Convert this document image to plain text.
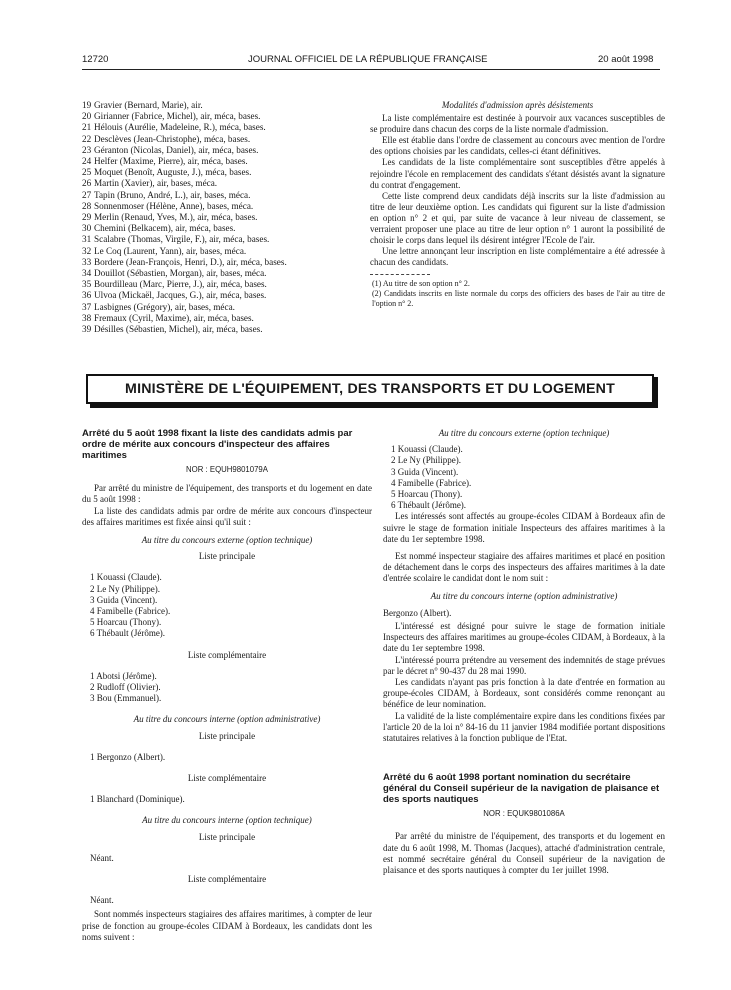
12720	JOURNAL OFFICIEL DE LA RÉPUBLIQUE FRANÇAISE	20 août 1998
19 Gravier (Bernard, Marie), air.
20 Girianner (Fabrice, Michel), air, méca, bases.
21 Hélouis (Aurélie, Madeleine, R.), méca, bases.
22 Desclèves (Jean-Christophe), méca, bases.
23 Géranton (Nicolas, Daniel), air, méca, bases.
24 Helfer (Maxime, Pierre), air, méca, bases.
25 Moquet (Benoît, Auguste, J.), méca, bases.
26 Martin (Xavier), air, bases, méca.
27 Tapin (Bruno, André, L.), air, bases, méca.
28 Sonnenmoser (Hélène, Anne), bases, méca.
29 Merlin (Renaud, Yves, M.), air, méca, bases.
30 Chemini (Belkacem), air, méca, bases.
31 Scalabre (Thomas, Virgile, F.), air, méca, bases.
32 Le Coq (Laurent, Yann), air, bases, méca.
33 Bordere (Jean-François, Henri, D.), air, méca, bases.
34 Douillot (Sébastien, Morgan), air, bases, méca.
35 Bourdilleau (Marc, Pierre, J.), air, méca, bases.
36 Ulvoa (Mickaël, Jacques, G.), air, méca, bases.
37 Lasbignes (Grégory), air, bases, méca.
38 Fremaux (Cyril, Maxime), air, méca, bases.
39 Désilles (Sébastien, Michel), air, méca, bases.

Modalités d'admission après désistements

La liste complémentaire est destinée à pourvoir aux vacances susceptibles de se produire dans chacun des corps de la liste normale d'admission.

Elle est établie dans l'ordre de classement au concours avec mention de l'ordre des options choisies par les candidats, celles-ci étant définitives.

Les candidats de la liste complémentaire sont susceptibles d'être appelés à rejoindre l'école en remplacement des candidats s'étant désistés avant la signature du contrat d'engagement.

Cette liste comprend deux candidats déjà inscrits sur la liste d'admission au titre de leur deuxième option. Les candidats qui figurent sur la liste d'admission en option n° 2 et qui, par suite de vacance à leur niveau de classement, se verraient proposer une place au titre de leur option n° 1 auront la possibilité de choisir le corps dans lequel ils désirent intégrer l'Ecole de l'air.

Une lettre annonçant leur inscription en liste complémentaire a été adressée à chacun des candidats.

(1) Au titre de son option n° 2.

(2) Candidats inscrits en liste normale du corps des officiers des bases de l'air au titre de l'option n° 2.

MINISTÈRE DE L'ÉQUIPEMENT, DES TRANSPORTS ET DU LOGEMENT

Arrêté du 5 août 1998 fixant la liste des candidats admis par ordre de mérite aux concours d'inspecteur des affaires maritimes

NOR : EQUH9801079A

Par arrêté du ministre de l'équipement, des transports et du logement en date du 5 août 1998 :

La liste des candidats admis par ordre de mérite aux concours d'inspecteur des affaires maritimes est fixée ainsi qu'il suit :

Au titre du concours externe (option technique)

Liste principale

1 Kouassi (Claude).

2 Le Ny (Philippe).

3 Guida (Vincent).

4 Famibelle (Fabrice).

5 Hoarcau (Thony).

6 Thébault (Jérôme).

Liste complémentaire

1 Abotsi (Jérôme).

2 Rudloff (Olivier).

3 Bou (Emmanuel).

Au titre du concours interne (option administrative)

Liste principale

1 Bergonzo (Albert).

Liste complémentaire

1 Blanchard (Dominique).

Au titre du concours interne (option technique)

Liste principale

Néant.

Liste complémentaire

Néant.

Sont nommés inspecteurs stagiaires des affaires maritimes, à compter de leur prise de fonction au groupe-écoles CIDAM à Bordeaux, les candidats dont les noms suivent :

Au titre du concours externe (option technique)

1 Kouassi (Claude).

2 Le Ny (Philippe).

3 Guida (Vincent).

4 Famibelle (Fabrice).

5 Hoarcau (Thony).

6 Thébault (Jérôme).

Les intéressés sont affectés au groupe-écoles CIDAM à Bordeaux afin de suivre le stage de formation initiale Inspecteurs des affaires maritimes à la date du 1er septembre 1998.

Est nommé inspecteur stagiaire des affaires maritimes et placé en position de détachement dans le corps des inspecteurs des affaires maritimes à la date d'entrée scolaire le candidat dont le nom suit :

Au titre du concours interne (option administrative)

Bergonzo (Albert).

L'intéressé est désigné pour suivre le stage de formation initiale Inspecteurs des affaires maritimes au groupe-écoles CIDAM, à Bordeaux, à la date du 1er septembre 1998.

L'intéressé pourra prétendre au versement des indemnités de stage prévues par le décret n° 90-437 du 28 mai 1990.

Les candidats n'ayant pas pris fonction à la date d'entrée en formation au groupe-écoles CIDAM, à Bordeaux, sont considérés comme renonçant au bénéfice de leur nomination.

La validité de la liste complémentaire expire dans les conditions fixées par l'article 20 de la loi n° 84-16 du 11 janvier 1984 modifiée portant dispositions statutaires relatives à la fonction publique de l'Etat.

Arrêté du 6 août 1998 portant nomination du secrétaire général du Conseil supérieur de la navigation de plaisance et des sports nautiques

NOR : EQUK9801086A

Par arrêté du ministre de l'équipement, des transports et du logement en date du 6 août 1998, M. Thomas (Jacques), attaché d'administration centrale, est nommé secrétaire général du Conseil supérieur de la navigation de plaisance et des sports nautiques à compter du 1er juillet 1998.
